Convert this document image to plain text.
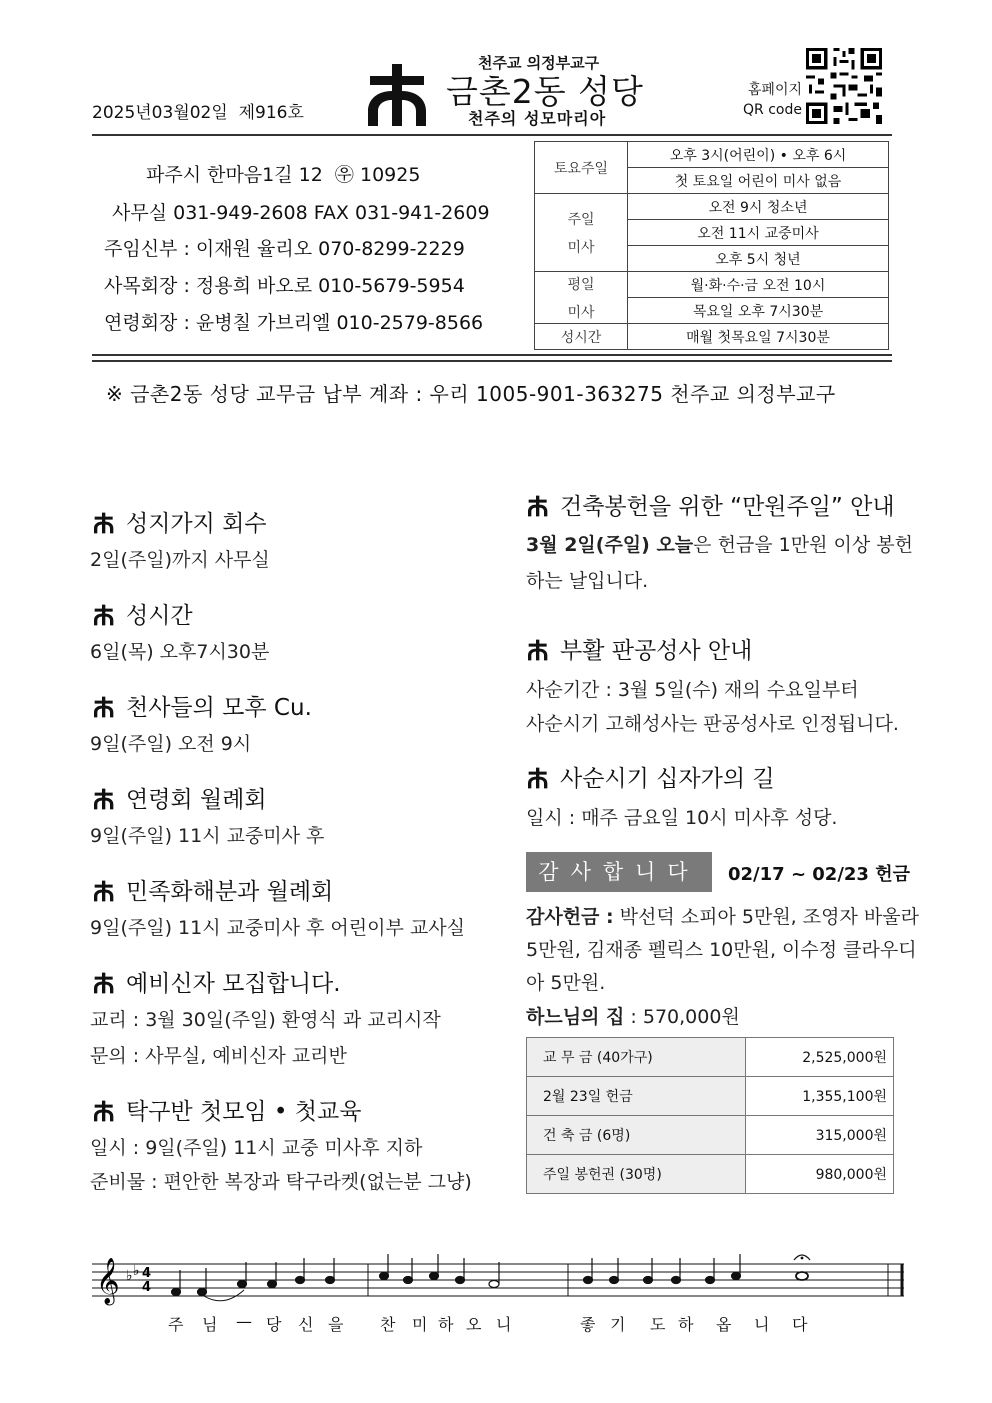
2025년03월02일 제916호
천주교 의정부교구
금촌2동 성당
천주의 성모마리아
홈페이지
QR code
파주시 한마음1길 12 ㉾ 10925
사무실 031-949-2608 FAX 031-941-2609
주임신부 : 이재원 율리오 070-8299-2229
사목회장 : 정용희 바오로 010-5679-5954
연령회장 : 윤병칠 가브리엘 010-2579-8566
토요주일	오후 3시(어린이) • 오후 6시
	첫 토요일 어린이 미사 없음

주일
미사	오전 9시 청소년
	오전 11시 교중미사
	오후 5시 청년

평일
미사	월·화·수·금 오전 10시
	목요일 오후 7시30분
성시간	매월 첫목요일 7시30분
※ 금촌2동 성당 교무금 납부 계좌 : 우리 1005-901-363275 천주교 의정부교구
성지가지 회수
2일(주일)까지 사무실
성시간
6일(목) 오후7시30분
천사들의 모후 Cu.
9일(주일) 오전 9시
연령회 월례회
9일(주일) 11시 교중미사 후
민족화해분과 월례회
9일(주일) 11시 교중미사 후 어린이부 교사실
예비신자 모집합니다.
교리 : 3월 30일(주일) 환영식 과 교리시작
문의 : 사무실, 예비신자 교리반
탁구반 첫모임 • 첫교육
일시 : 9일(주일) 11시 교중 미사후 지하
준비물 : 편안한 복장과 탁구라켓(없는분 그냥)
건축봉헌을 위한 “만원주일” 안내
3월 2일(주일) 오늘은 헌금을 1만원 이상 봉헌
하는 날입니다.
부활 판공성사 안내
사순기간 : 3월 5일(수) 재의 수요일부터
사순시기 고해성사는 판공성사로 인정됩니다.
사순시기 십자가의 길
일시 : 매주 금요일 10시 미사후 성당.
감사합니다	02/17 ~ 02/23 헌금
감사헌금 : 박선덕 소피아 5만원, 조영자 바울라
5만원, 김재종 펠릭스 10만원, 이수정 클라우디
아 5만원.
하느님의 집 : 570,000원
교 무 금 (40가구)	2,525,000원
2월 23일 헌금	1,355,100원
건 축 금 (6명)	315,000원
주일 봉헌권 (30명)	980,000원
𝄞 ♭ ♭ 4
4
주 님 — 당 신 을 찬 미 하 오 니	좋 기 도 하 옵 니 다
